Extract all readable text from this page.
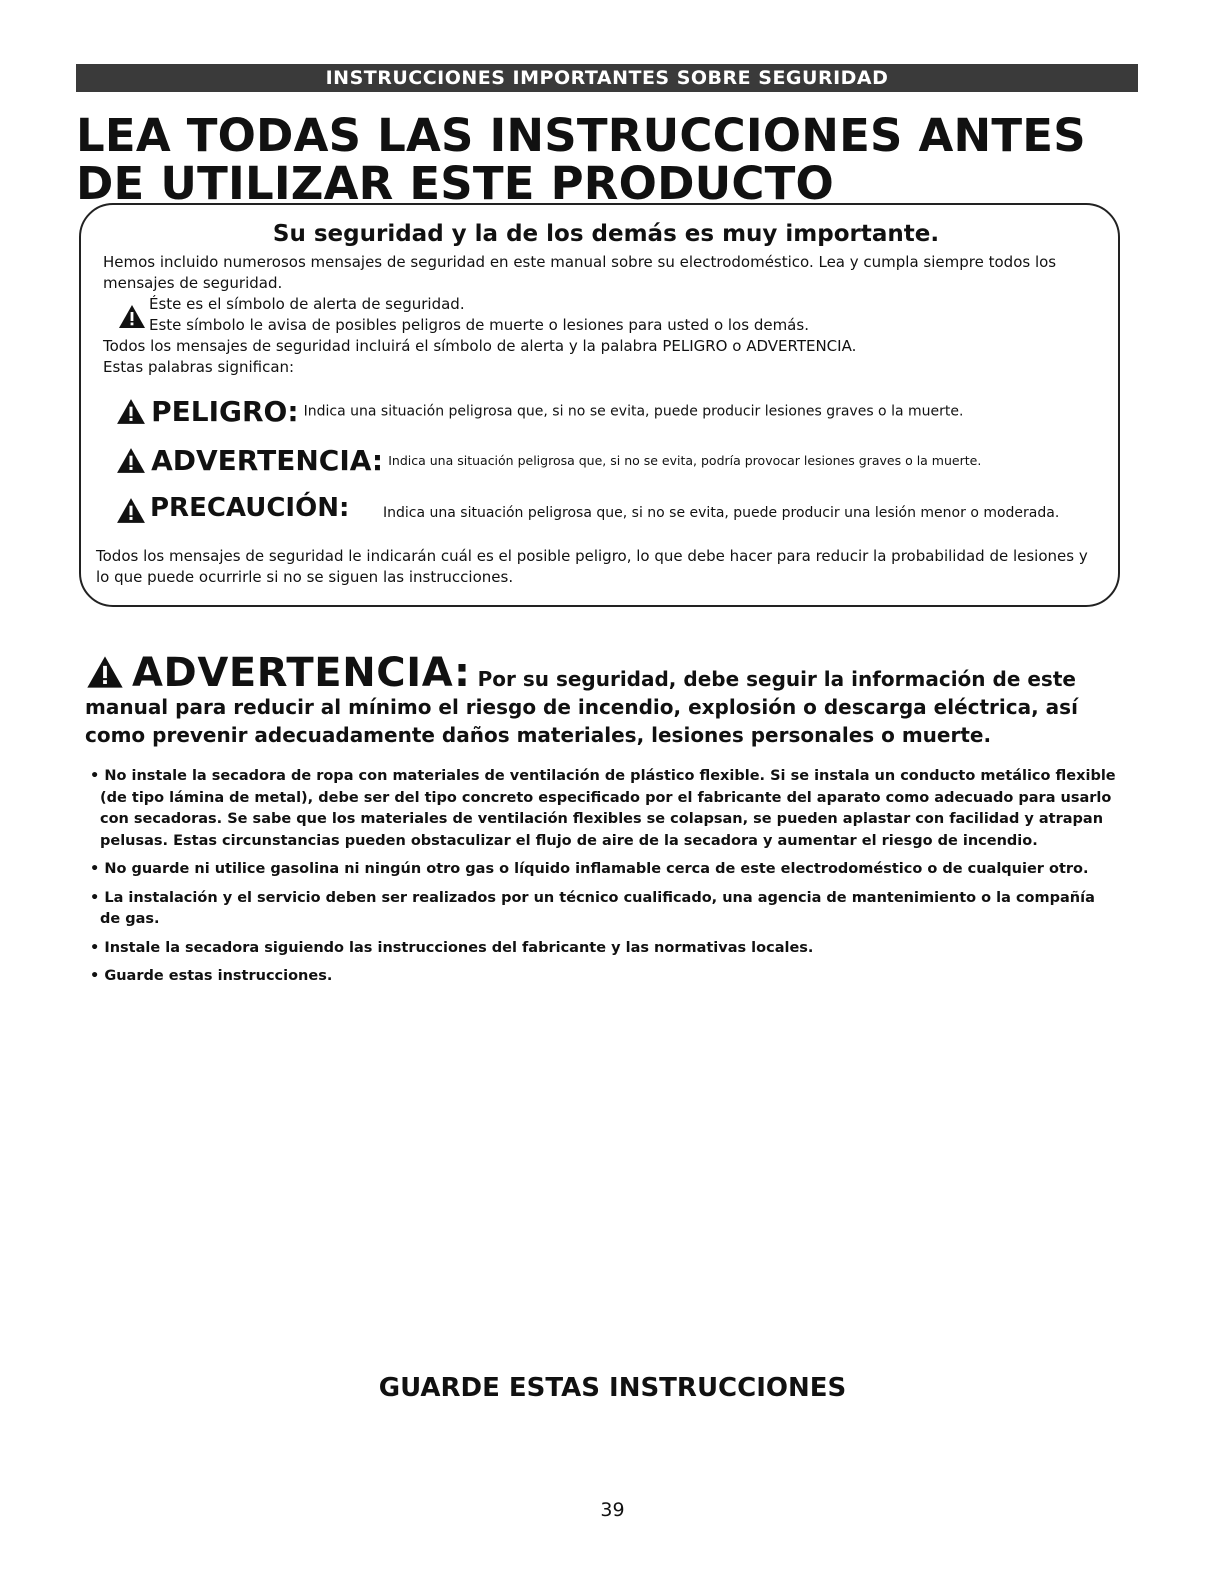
INSTRUCCIONES IMPORTANTES SOBRE SEGURIDAD
LEA TODAS LAS INSTRUCCIONES ANTES DE UTILIZAR ESTE PRODUCTO
Su seguridad y la de los demás es muy importante.
Hemos incluido numerosos mensajes de seguridad en este manual sobre su electrodoméstico. Lea y cumpla siempre todos los mensajes de seguridad.
Éste es el símbolo de alerta de seguridad.
Este símbolo le avisa de posibles peligros de muerte o lesiones para usted o los demás.
Todos los mensajes de seguridad incluirá el símbolo de alerta y la palabra PELIGRO o ADVERTENCIA.
Estas palabras significan:
PELIGRO: Indica una situación peligrosa que, si no se evita, puede producir lesiones graves o la muerte.
ADVERTENCIA: Indica una situación peligrosa que, si no se evita, podría provocar lesiones graves o la muerte.
PRECAUCIÓN: Indica una situación peligrosa que, si no se evita, puede producir una lesión menor o moderada.
Todos los mensajes de seguridad le indicarán cuál es el posible peligro, lo que debe hacer para reducir la probabilidad de lesiones y lo que puede ocurrirle si no se siguen las instrucciones.
ADVERTENCIA: Por su seguridad, debe seguir la información de este manual para reducir al mínimo el riesgo de incendio, explosión o descarga eléctrica, así como prevenir adecuadamente daños materiales, lesiones personales o muerte.
• No instale la secadora de ropa con materiales de ventilación de plástico flexible. Si se instala un conducto metálico flexible (de tipo lámina de metal), debe ser del tipo concreto especificado por el fabricante del aparato como adecuado para usarlo con secadoras. Se sabe que los materiales de ventilación flexibles se colapsan, se pueden aplastar con facilidad y atrapan pelusas. Estas circunstancias pueden obstaculizar el flujo de aire de la secadora y aumentar el riesgo de incendio.
• No guarde ni utilice gasolina ni ningún otro gas o líquido inflamable cerca de este electrodoméstico o de cualquier otro.
• La instalación y el servicio deben ser realizados por un técnico cualificado, una agencia de mantenimiento o la compañía de gas.
• Instale la secadora siguiendo las instrucciones del fabricante y las normativas locales.
• Guarde estas instrucciones.
GUARDE ESTAS INSTRUCCIONES
39
